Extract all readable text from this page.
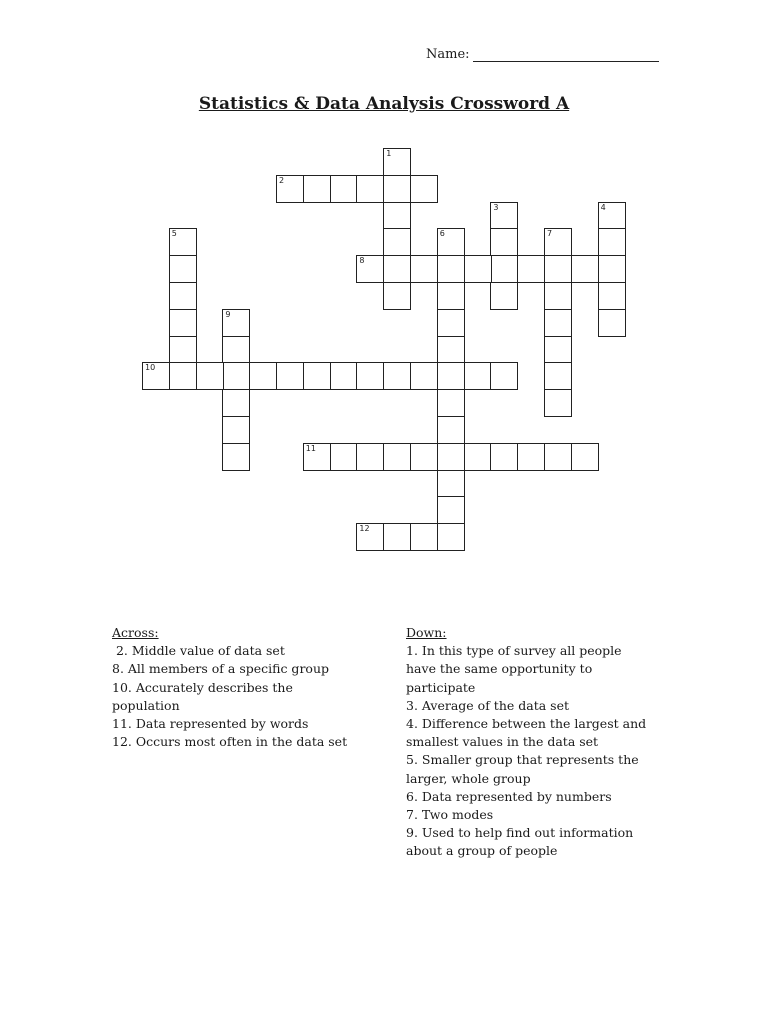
Name:
Statistics & Data Analysis Crossword A
1
2
3	4
5	6	7
8
9
10
11
12
Across:
2. Middle value of data set
8. All members of a specific group
10. Accurately describes the
population
11. Data represented by words
12. Occurs most often in the data set
Down:
1. In this type of survey all people
have the same opportunity to
participate
3. Average of the data set
4. Difference between the largest and
smallest values in the data set
5. Smaller group that represents the
larger, whole group
6. Data represented by numbers
7. Two modes
9. Used to help find out information
about a group of people
